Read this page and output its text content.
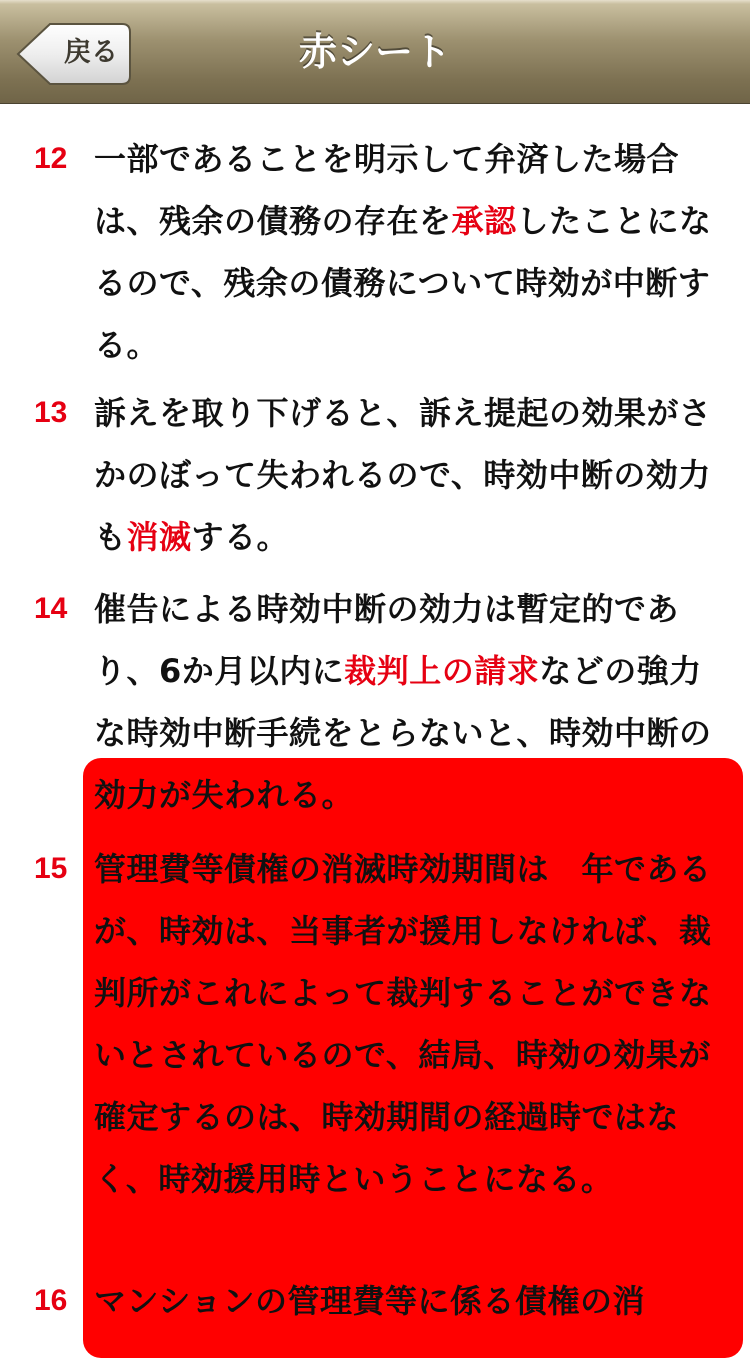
戻る	赤シート
12 一部であることを明示して弁済した場合は、残余の債務の存在を承認したことになるので、残余の債務について時効が中断する。

13 訴えを取り下げると、訴え提起の効果がさかのぼって失われるので、時効中断の効力も消滅する。

14 催告による時効中断の効力は暫定的であり、6か月以内に裁判上の請求などの強力な時効中断手続をとらないと、時効中断の効力が失われる。

15 管理費等債権の消滅時効期間は　年であるが、時効は、当事者が援用しなければ、裁判所がこれによって裁判することができないとされているので、結局、時効の効果が確定するのは、時効期間の経過時ではなく、時効援用時ということになる。

16 マンションの管理費等に係る債権の消
